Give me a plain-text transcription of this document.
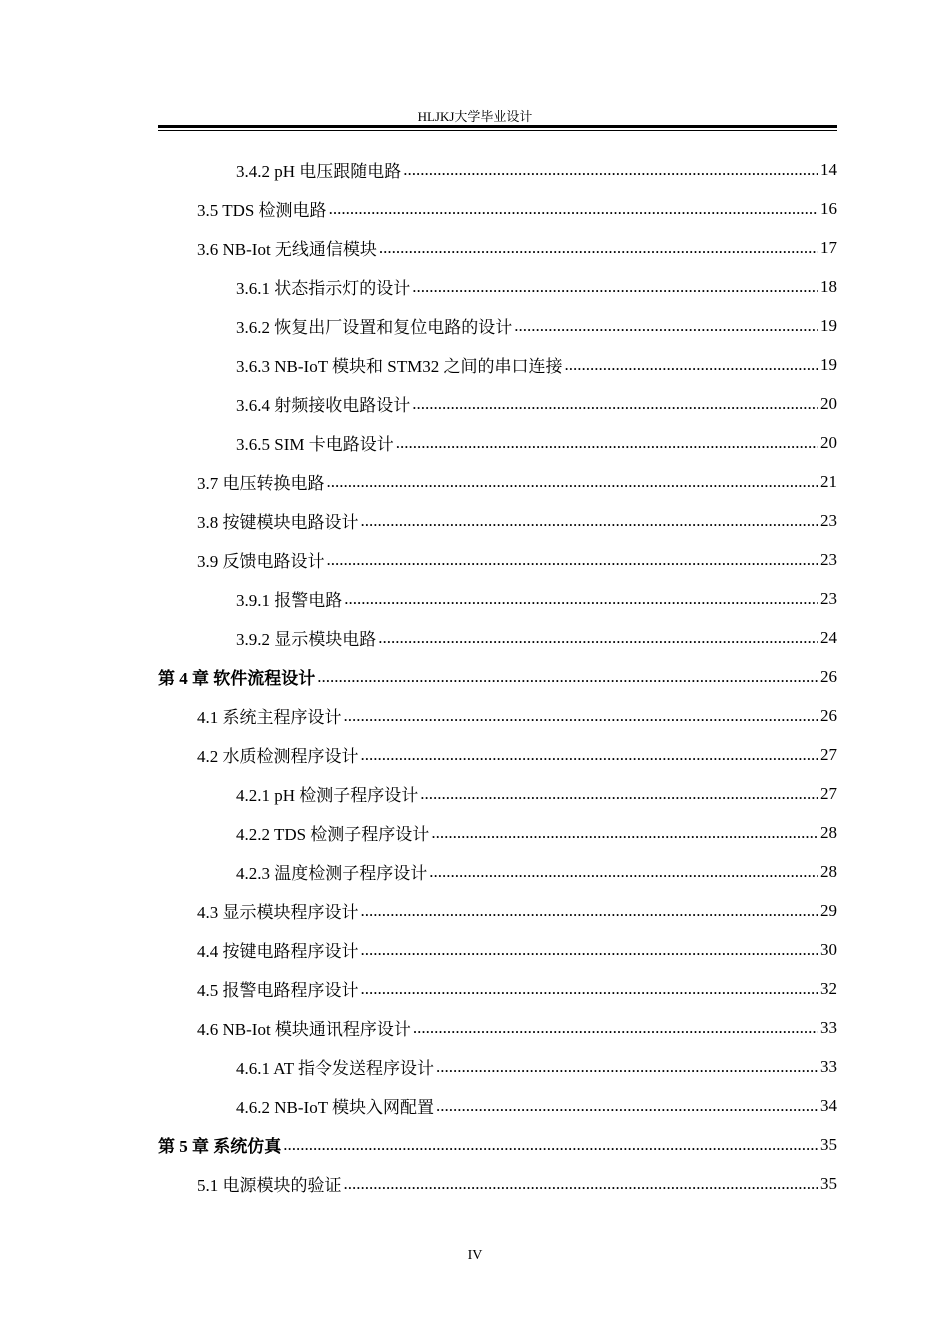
HLJKJ大学毕业设计
3.4.2 pH 电压跟随电路 .....	14
3.5 TDS 检测电路 .....	16
3.6 NB-Iot 无线通信模块 .....	17
3.6.1 状态指示灯的设计 .....	18
3.6.2 恢复出厂设置和复位电路的设计 .....	19
3.6.3 NB-IoT 模块和 STM32 之间的串口连接 .....	19
3.6.4 射频接收电路设计 .....	20
3.6.5 SIM 卡电路设计 .....	20
3.7 电压转换电路 .....	21
3.8 按键模块电路设计 .....	23
3.9 反馈电路设计 .....	23
3.9.1 报警电路 .....	23
3.9.2 显示模块电路 .....	24
第 4 章 软件流程设计 .....	26
4.1 系统主程序设计 .....	26
4.2 水质检测程序设计 .....	27
4.2.1 pH 检测子程序设计 .....	27
4.2.2 TDS 检测子程序设计 .....	28
4.2.3 温度检测子程序设计 .....	28
4.3 显示模块程序设计 .....	29
4.4 按键电路程序设计 .....	30
4.5 报警电路程序设计 .....	32
4.6 NB-Iot 模块通讯程序设计 .....	33
4.6.1 AT 指令发送程序设计 .....	33
4.6.2 NB-IoT 模块入网配置 .....	34
第 5 章 系统仿真 .....	35
5.1 电源模块的验证 .....	35
IV
